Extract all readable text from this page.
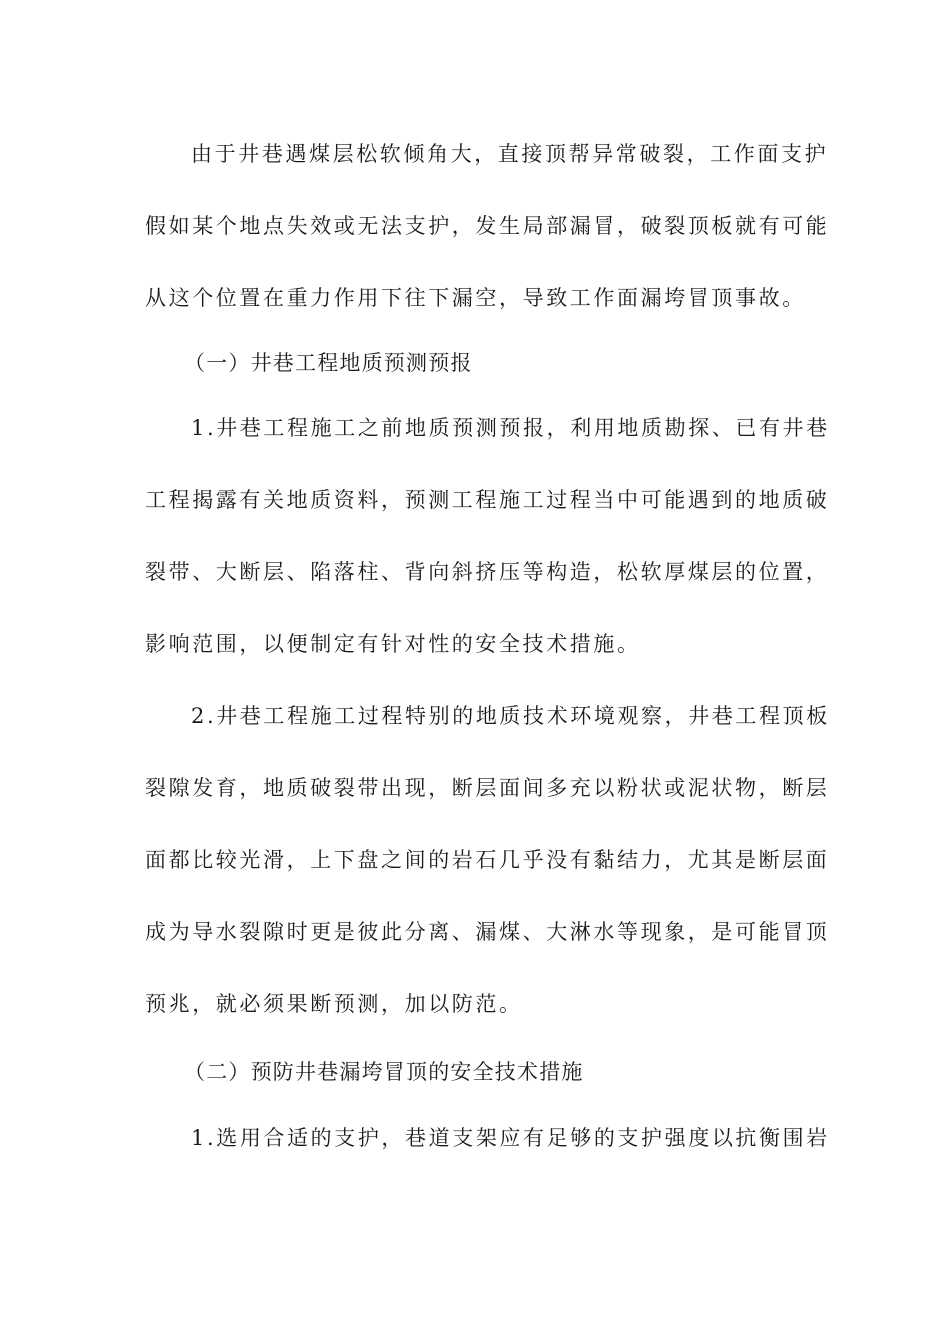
由于井巷遇煤层松软倾角大，直接顶帮异常破裂，工作面支护
假如某个地点失效或无法支护，发生局部漏冒，破裂顶板就有可能
从这个位置在重力作用下往下漏空，导致工作面漏垮冒顶事故。
（一）井巷工程地质预测预报
1.井巷工程施工之前地质预测预报，利用地质勘探、已有井巷
工程揭露有关地质资料，预测工程施工过程当中可能遇到的地质破
裂带、大断层、陷落柱、背向斜挤压等构造，松软厚煤层的位置，
影响范围，以便制定有针对性的安全技术措施。
2.井巷工程施工过程特别的地质技术环境观察，井巷工程顶板
裂隙发育，地质破裂带出现，断层面间多充以粉状或泥状物，断层
面都比较光滑，上下盘之间的岩石几乎没有黏结力，尤其是断层面
成为导水裂隙时更是彼此分离、漏煤、大淋水等现象，是可能冒顶
预兆，就必须果断预测，加以防范。
（二）预防井巷漏垮冒顶的安全技术措施
1.选用合适的支护，巷道支架应有足够的支护强度以抗衡围岩
